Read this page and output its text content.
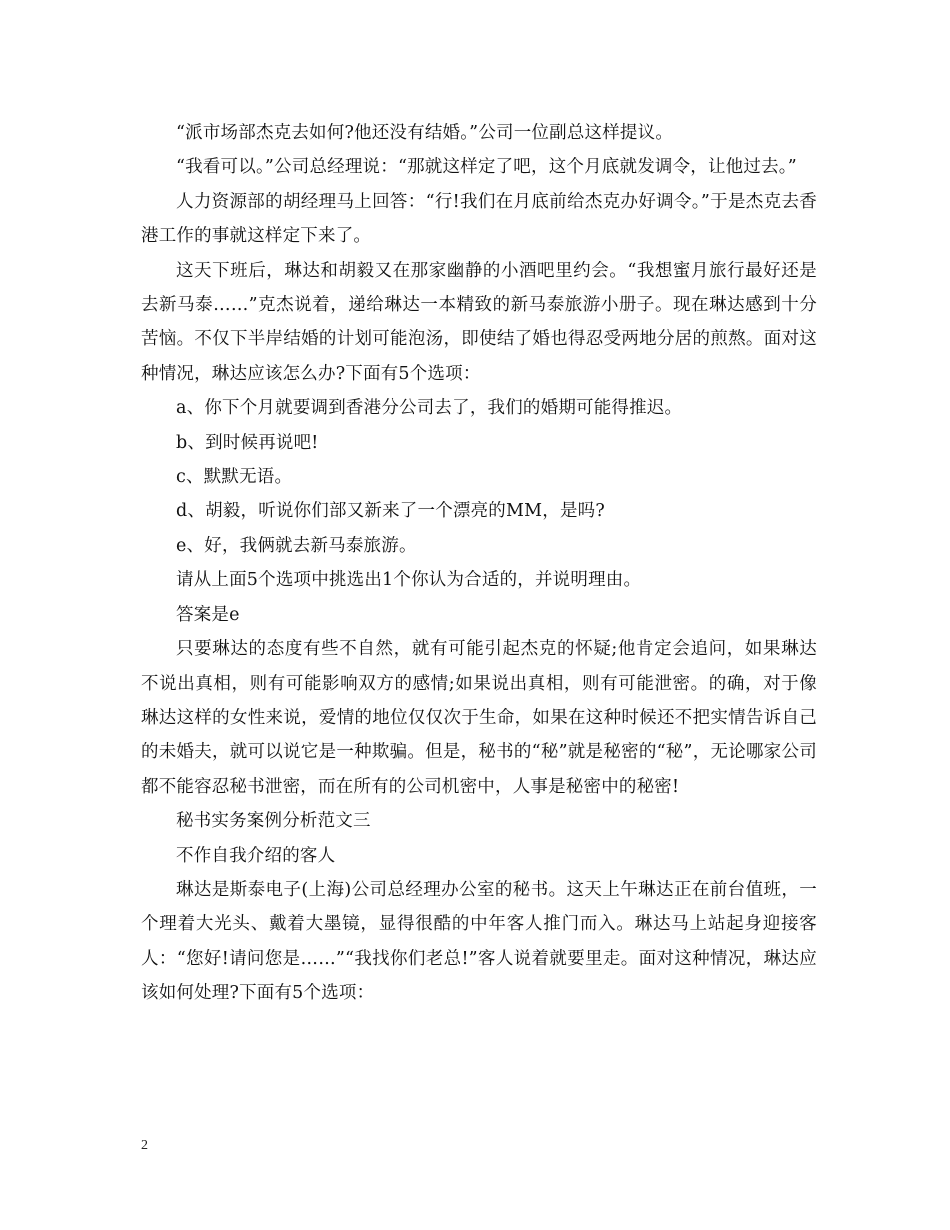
“派市场部杰克去如何?他还没有结婚。”公司一位副总这样提议。

“我看可以。”公司总经理说：“那就这样定了吧，这个月底就发调令，让他过去。”

人力资源部的胡经理马上回答：“行!我们在月底前给杰克办好调令。”于是杰克去香港工作的事就这样定下来了。

这天下班后，琳达和胡毅又在那家幽静的小酒吧里约会。“我想蜜月旅行最好还是去新马泰……”克杰说着，递给琳达一本精致的新马泰旅游小册子。现在琳达感到十分苦恼。不仅下半岸结婚的计划可能泡汤，即使结了婚也得忍受两地分居的煎熬。面对这种情况，琳达应该怎么办?下面有5个选项：

a、你下个月就要调到香港分公司去了，我们的婚期可能得推迟。

b、到时候再说吧!

c、默默无语。

d、胡毅，听说你们部又新来了一个漂亮的MM，是吗?

e、好，我俩就去新马泰旅游。

请从上面5个选项中挑选出1个你认为合适的，并说明理由。

答案是e

只要琳达的态度有些不自然，就有可能引起杰克的怀疑;他肯定会追问，如果琳达不说出真相，则有可能影响双方的感情;如果说出真相，则有可能泄密。的确，对于像琳达这样的女性来说，爱情的地位仅仅次于生命，如果在这种时候还不把实情告诉自己的未婚夫，就可以说它是一种欺骗。但是，秘书的“秘”就是秘密的“秘”，无论哪家公司都不能容忍秘书泄密，而在所有的公司机密中，人事是秘密中的秘密!

秘书实务案例分析范文三

不作自我介绍的客人

琳达是斯泰电子(上海)公司总经理办公室的秘书。这天上午琳达正在前台值班，一个理着大光头、戴着大墨镜，显得很酷的中年客人推门而入。琳达马上站起身迎接客人：“您好!请问您是……”“我找你们老总!”客人说着就要里走。面对这种情况，琳达应该如何处理?下面有5个选项：

2
